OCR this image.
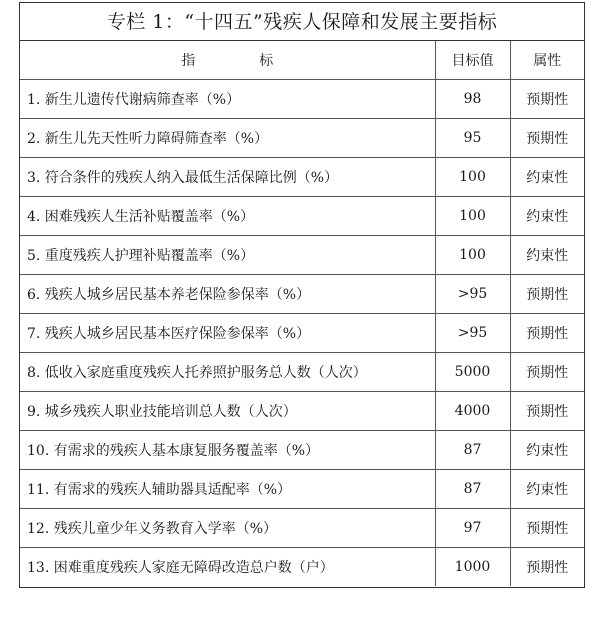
专栏 1：“十四五”残疾人保障和发展主要指标
指 标	目标值	属性
1. 新生儿遗传代谢病筛查率（%）	98	预期性
2. 新生儿先天性听力障碍筛查率（%）	95	预期性
3. 符合条件的残疾人纳入最低生活保障比例（%）	100	约束性
4. 困难残疾人生活补贴覆盖率（%）	100	约束性
5. 重度残疾人护理补贴覆盖率（%）	100	约束性
6. 残疾人城乡居民基本养老保险参保率（%）	>95	预期性
7. 残疾人城乡居民基本医疗保险参保率（%）	>95	预期性
8. 低收入家庭重度残疾人托养照护服务总人数（人次）	5000	预期性
9. 城乡残疾人职业技能培训总人数（人次）	4000	预期性
10. 有需求的残疾人基本康复服务覆盖率（%）	87	约束性
11. 有需求的残疾人辅助器具适配率（%）	87	约束性
12. 残疾儿童少年义务教育入学率（%）	97	预期性
13. 困难重度残疾人家庭无障碍改造总户数（户）	1000	预期性
